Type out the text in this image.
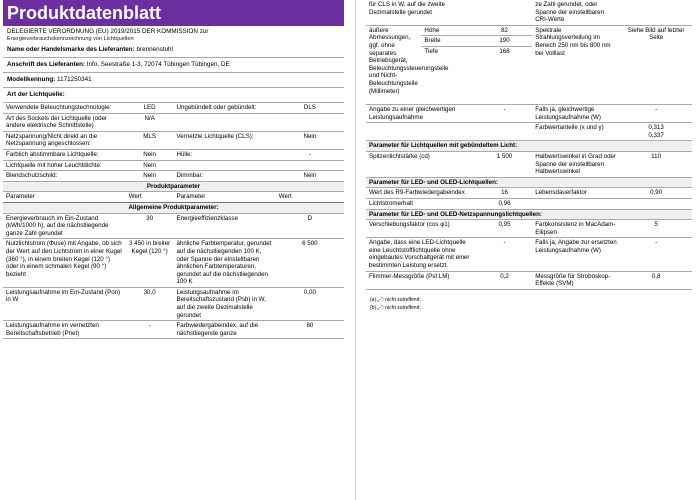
Produktdatenblatt
DELEGIERTE VERORDNUNG (EU) 2019/2015 DER KOMMISSION zur
Energieverbrauchskennzeichnung von Lichtquellen
Name oder Handelsmarke des Lieferanten: brennenstuhl
Anschrift des Lieferanten: Info, Seestraße 1-3, 72074 Tübingen Tübingen, DE
Modellkennung: 1171250341
Art der Lichtquelle:
Verwendete Beleuchtungstechnologie:	LED	Ungebündelt oder gebündelt:	DLS
Art des Sockels der Lichtquelle (oder andere elektrische Schnittstelle)	N/A		
Netzspannung/Nicht direkt an die Netzspannung angeschlossen:	MLS	Vernetzte Lichtquelle (CLS):	Nein
Farblich abstimmbare Lichtquelle:	Nein	Hülle:	-
Lichtquelle mit hoher Leuchtdichte:	Nein		
Blendschutzschild:	Nein	Dimmbar:	Nein
Produktparameter			
Parameter	Wert	Parameter	Wert
Allgemeine Produktparameter:			
Energieverbrauch im Ein-Zustand (kWh/1000 h), auf die nächstliegende ganze Zahl gerundet	30	Energieeffizienzklasse	D
Nutzlichtstrom (Φuse) mit Angabe, ob sich der Wert auf den Lichtstrom in einer Kugel (360 °), in einem breiten Kegel (120 °) oder in einem schmalen Kegel (90 °) bezieht	3 450 in breiter Kegel (120 °)	ähnliche Farbtemperatur, gerundet auf die nächstliegenden 100 K, oder Spanne der einstellbaren ähnlichen Farbtemperaturen, gerundet auf die nächstliegenden 100 K	6 500
Leistungsaufnahme im Ein-Zustand (Pon) in W	30,0	Leistungsaufnahme im Bereitschaftszustand (Psb) in W, auf die zweite Dezimalstelle gerundet	0,00
Leistungsaufnahme im vernetzten Bereitschaftsbetrieb (Pnet)	-	Farbwiedergabeindex, auf die nächstliegende ganze	80
für CLS in W, auf die zweite Dezimalstelle gerundet			ze Zahl gerundet, oder Spanne der einstellbaren CRI-Werte	
äußere Abmessungen, ggf. ohne separates Betriebsgerät, Beleuchtungssteuerungsteile und Nicht-Beleuchtungsteile (Millimeter)	Höhe	82	Spektrale Strahlungsverteilung im Bereich 250 nm bis 800 nm bei Volllast	Siehe Bild auf letzter Seite
	Breite	190		
	Tiefe	168		
Angabe zu einer gleichwertigen Leistungsaufnahme		-	Falls ja, gleichwertige Leistungsaufnahme (W)	-
			Farbwertanteile (x und y)	0,313
0,337
Parameter für Lichtquellen mit gebündeltem Licht:				
Spitzenlichtstärke (cd)		1 500	Halbwertswinkel in Grad oder Spanne der einstellbaren Halbwertswinkel	110
Parameter für LED- und OLED-Lichtquellen:				
Wert des R9-Farbwiedergabeindex		16	Lebensdauerfaktor	0,90
Lichtstromerhalt		0,96		
Parameter für LED- und OLED-Netzspannungslichtquellen:				
Verschiebungsfaktor (cos φ1)		0,95	Farbkonsistenz in MacAdam-Ellipsen	5
Angabe, dass eine LED-Lichtquelle eine Leuchtstofflichtquelle ohne eingebautes Vorschaltgerät mit einer bestimmten Leistung ersetzt.		-	Falls ja, Angabe zur ersetzten Leistungsaufnahme (W)	-
Flimmer-Messgröße (Pst LM)		0,2	Messgröße für Stroboskop-Effekte (SVM)	0,8
(a) „-“: nicht zutreffend;
(b) „-“: nicht zutreffend;
